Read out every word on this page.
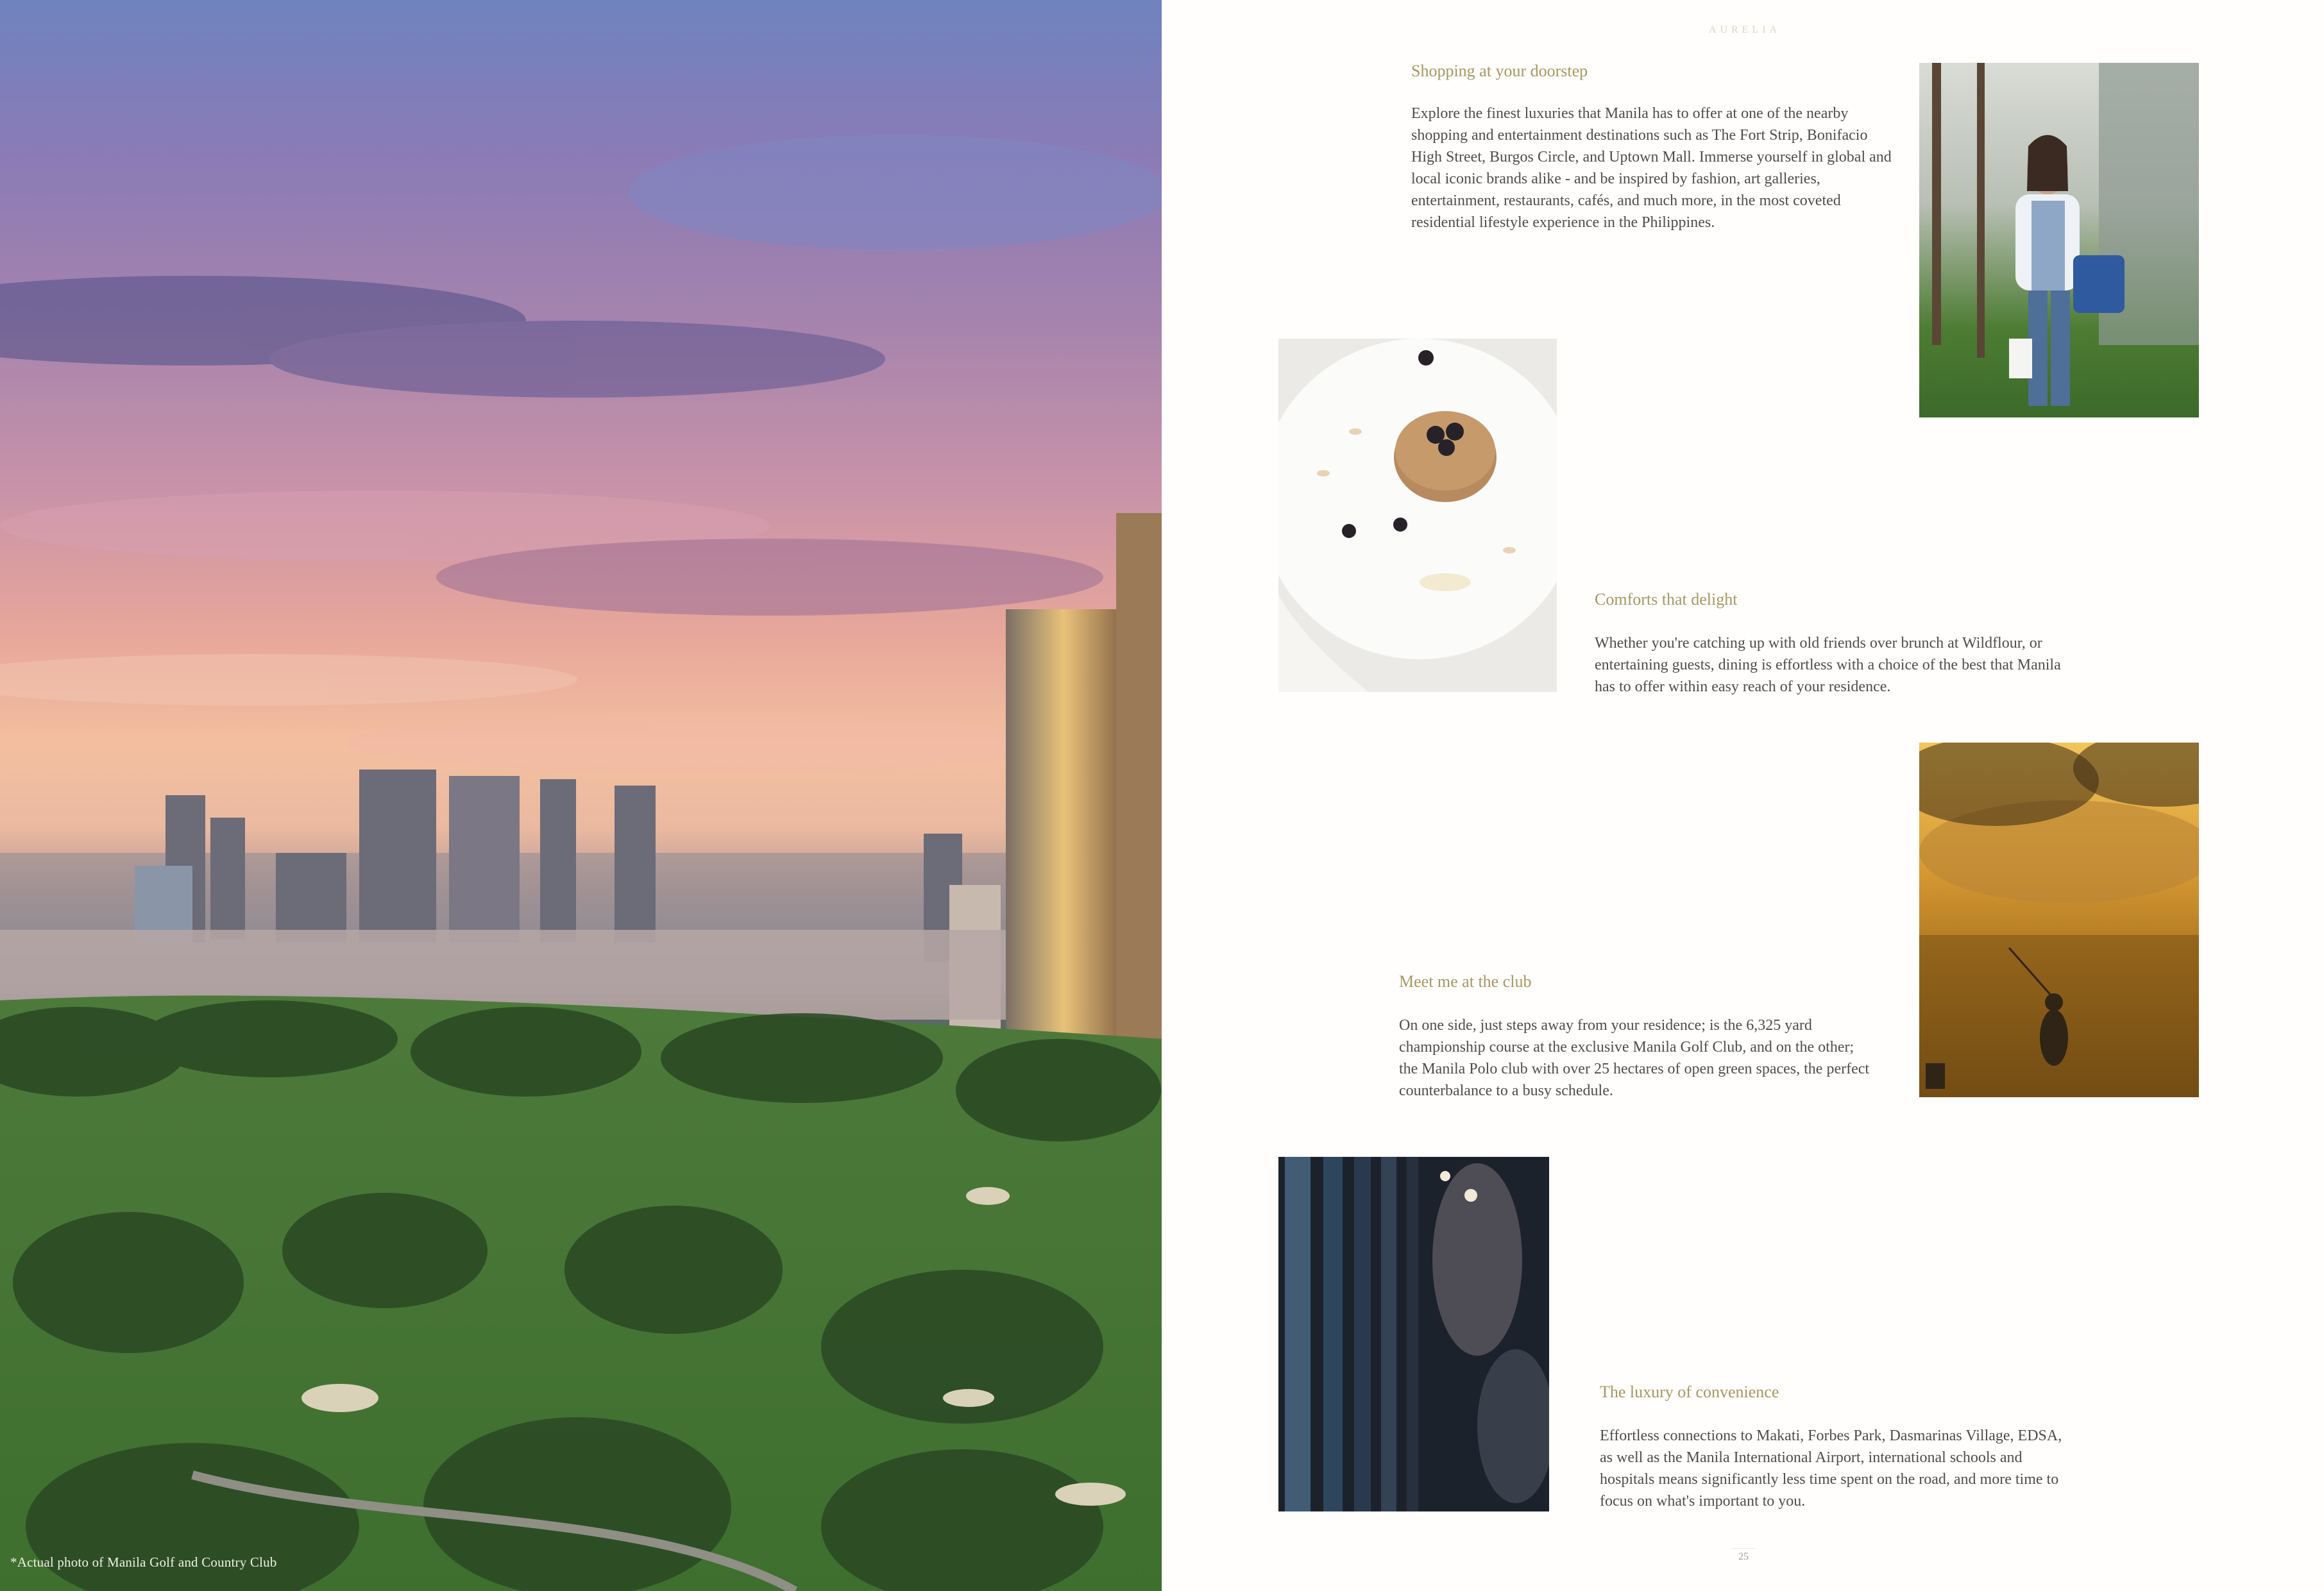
*Actual photo of Manila Golf and Country Club
AURELIA
Shopping at your doorstep

Explore the finest luxuries that Manila has to offer at one of the nearby shopping and entertainment destinations such as The Fort Strip, Bonifacio High Street, Burgos Circle, and Uptown Mall. Immerse yourself in global and local iconic brands alike - and be inspired by fashion, art galleries, entertainment, restaurants, cafés, and much more, in the most coveted residential lifestyle experience in the Philippines.

Comforts that delight

Whether you're catching up with old friends over brunch at Wildflour, or entertaining guests, dining is effortless with a choice of the best that Manila has to offer within easy reach of your residence.

Meet me at the club

On one side, just steps away from your residence; is the 6,325 yard championship course at the exclusive Manila Golf Club, and on the other; the Manila Polo club with over 25 hectares of open green spaces, the perfect counterbalance to a busy schedule.

The luxury of convenience

Effortless connections to Makati, Forbes Park, Dasmarinas Village, EDSA, as well as the Manila International Airport, international schools and hospitals means significantly less time spent on the road, and more time to focus on what's important to you.

25
